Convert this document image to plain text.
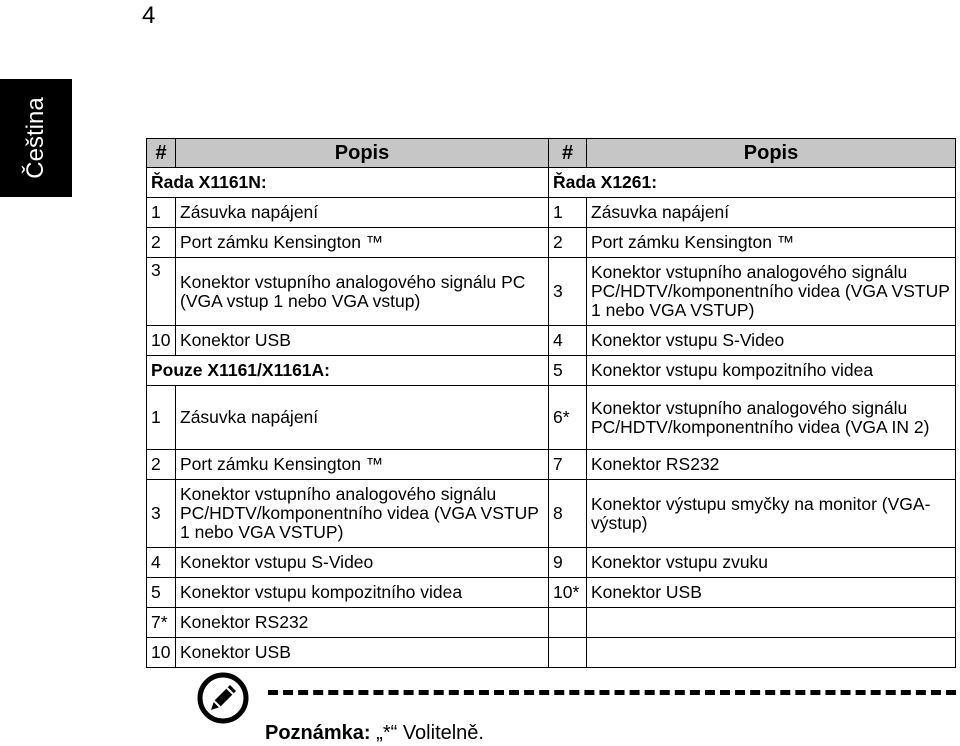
4
Čeština	#	Popis	#	Popis
Řada X1161N:		Řada X1261:	
1	Zásuvka napájení	1	Zásuvka napájení
2	Port zámku Kensington ™	2	Port zámku Kensington ™
3	Konektor vstupního analogového signálu PC (VGA vstup 1 nebo VGA vstup)	3	Konektor vstupního analogového signálu PC/HDTV/komponentního videa (VGA VSTUP 1 nebo VGA VSTUP)
10	Konektor USB	4	Konektor vstupu S-Video
Pouze X1161/X1161A:		5	Konektor vstupu kompozitního videa
1	Zásuvka napájení	6*	Konektor vstupního analogového signálu PC/HDTV/komponentního videa (VGA IN 2)
2	Port zámku Kensington ™	7	Konektor RS232
3	Konektor vstupního analogového signálu PC/HDTV/komponentního videa (VGA VSTUP 1 nebo VGA VSTUP)	8	Konektor výstupu smyčky na monitor (VGA-výstup)
4	Konektor vstupu S-Video	9	Konektor vstupu zvuku
5	Konektor vstupu kompozitního videa	10*	Konektor USB
7*	Konektor RS232		
10	Konektor USB		
Poznámka: „*“ Volitelně.
